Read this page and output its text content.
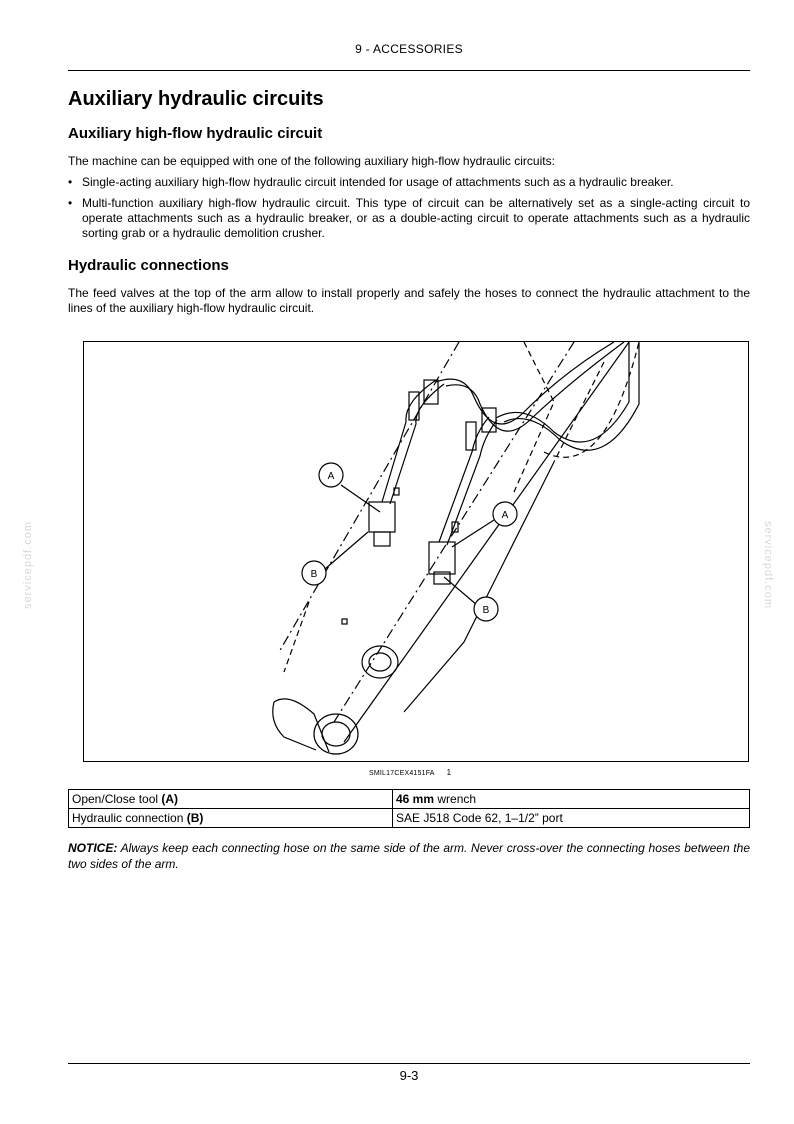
9 - ACCESSORIES
servicepdf.com	servicepdf.com
Auxiliary hydraulic circuits
Auxiliary high-flow hydraulic circuit

The machine can be equipped with one of the following auxiliary high-flow hydraulic circuits:

• Single-acting auxiliary high-flow hydraulic circuit intended for usage of attachments such as a hydraulic breaker.
• Multi-function auxiliary high-flow hydraulic circuit. This type of circuit can be alternatively set as a single-acting circuit to operate attachments such as a hydraulic breaker, or as a double-acting circuit to operate attachments such as a hydraulic sorting grab or a hydraulic demolition crusher.
Hydraulic connections

The feed valves at the top of the arm allow to install properly and safely the hoses to connect the hydraulic attachment to the lines of the auxiliary high-flow hydraulic circuit.

A
B
A
B
SMIL17CEX4151FA 1
Open/Close tool (A)	46 mm wrench
Hydraulic connection (B)	SAE J518 Code 62, 1–1/2” port
NOTICE: Always keep each connecting hose on the same side of the arm. Never cross-over the connecting hoses between the two sides of the arm.
9-3
